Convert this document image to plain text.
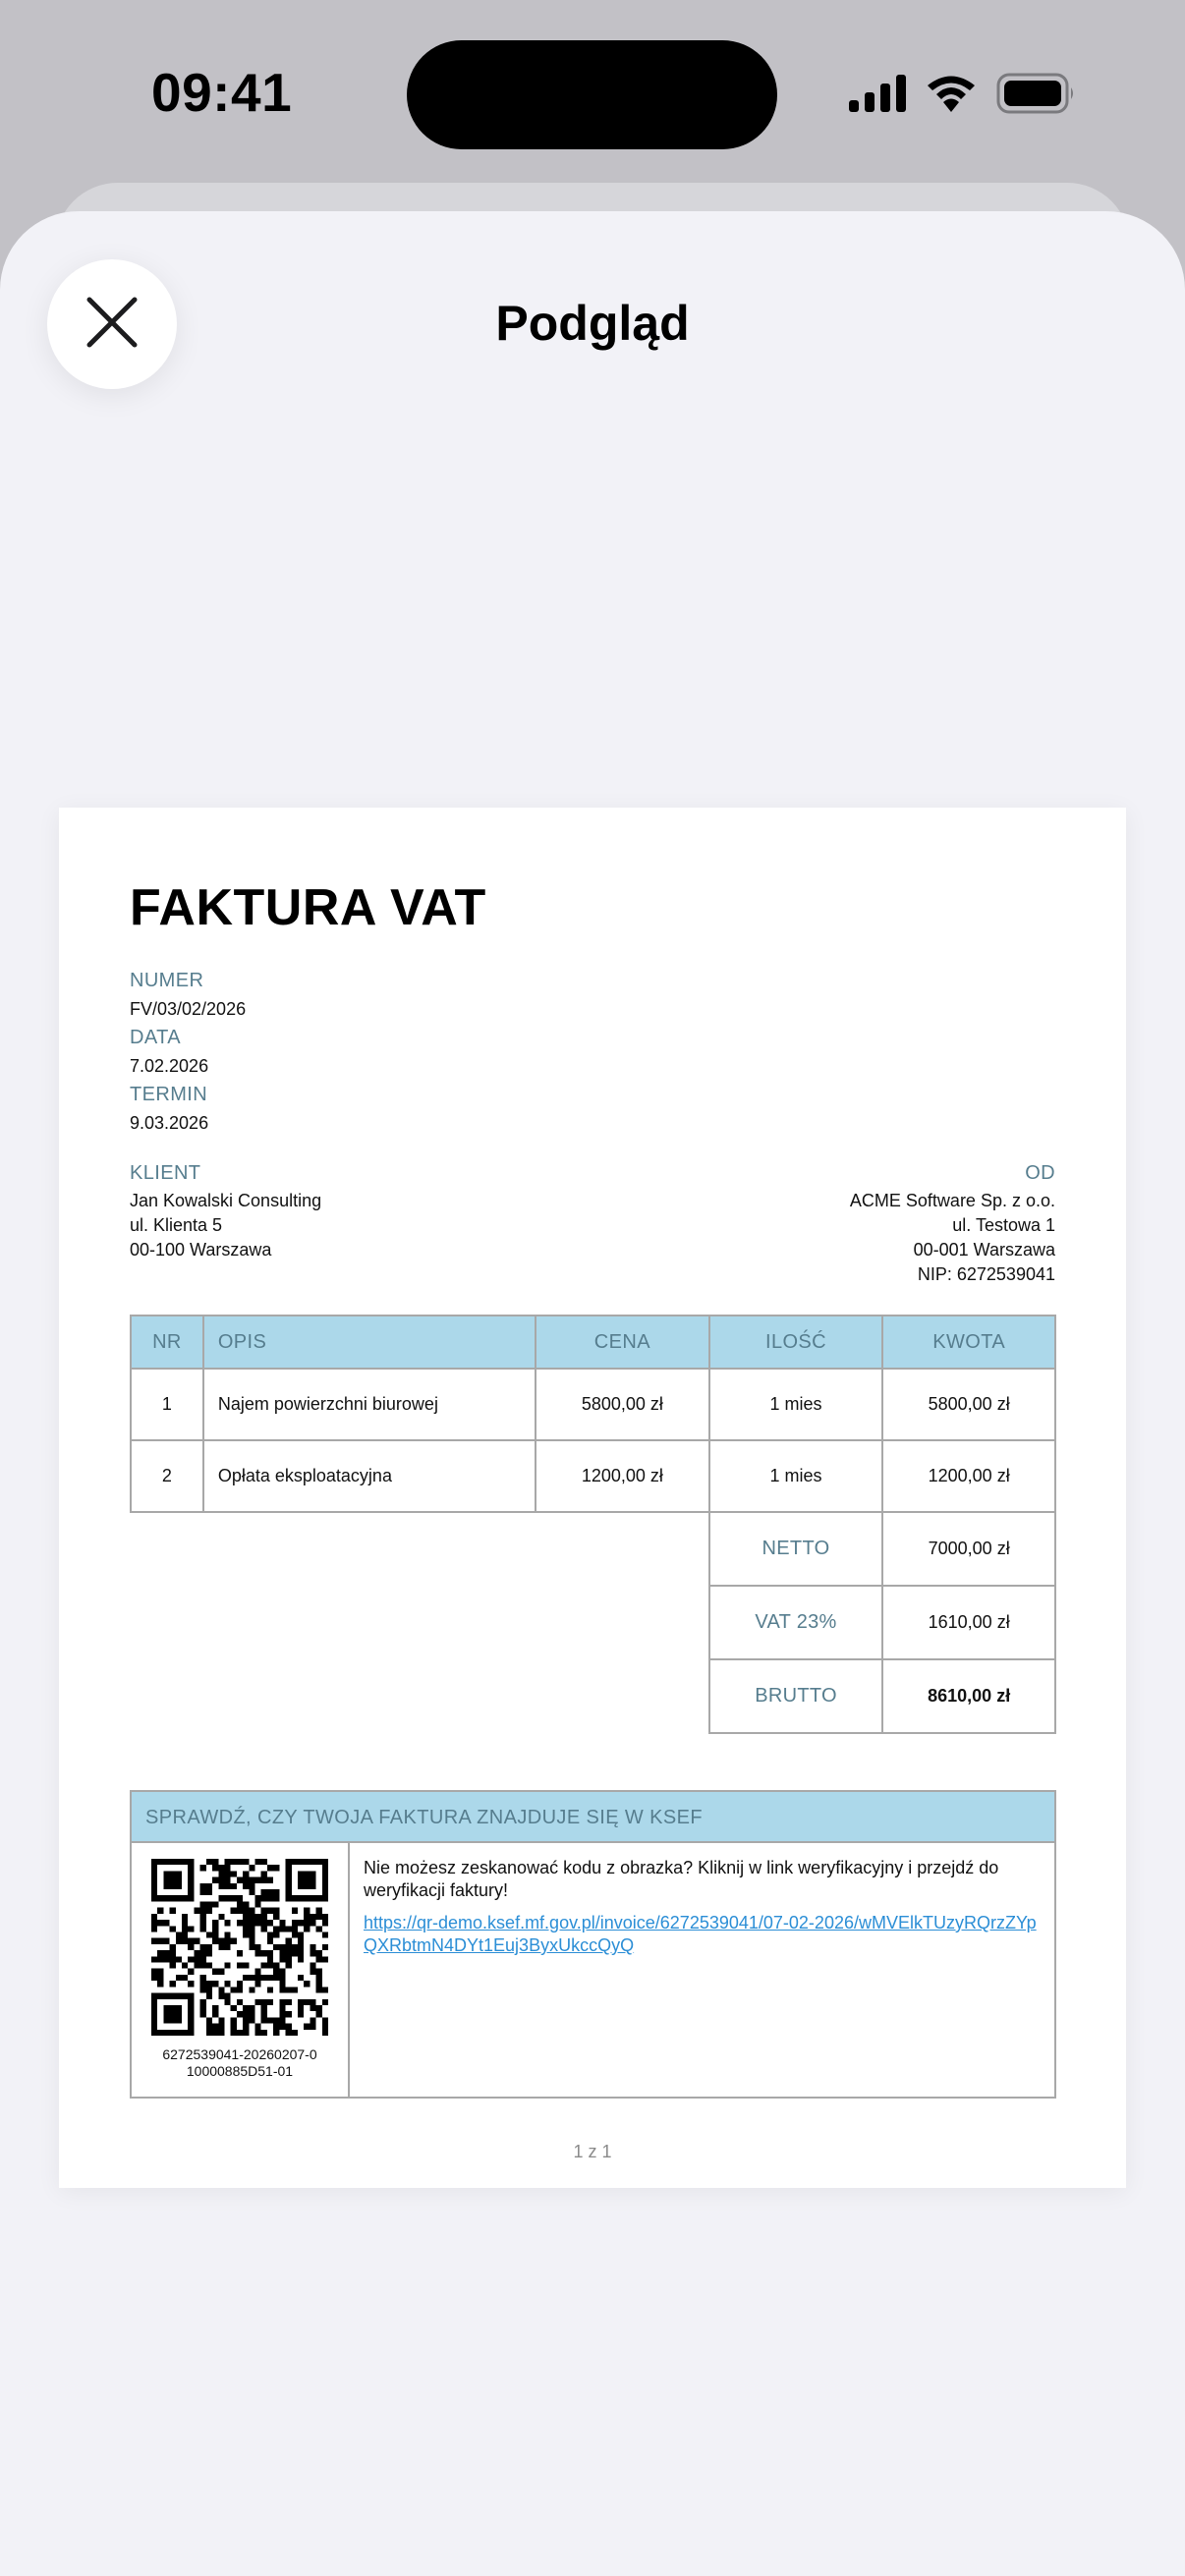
09:41
Podgląd
FAKTURA VAT
NUMER
FV/03/02/2026
DATA
7.02.2026
TERMIN
9.03.2026
KLIENT
Jan Kowalski Consulting
ul. Klienta 5
00-100 Warszawa
OD
ACME Software Sp. z o.o.
ul. Testowa 1
00-001 Warszawa
NIP: 6272539041
NR	OPIS	CENA	ILOŚĆ	KWOTA
1	Najem powierzchni biurowej	5800,00 zł	1 mies	5800,00 zł
2	Opłata eksploatacyjna	1200,00 zł	1 mies	1200,00 zł
			NETTO	7000,00 zł
			VAT 23%	1610,00 zł
			BRUTTO	8610,00 zł
SPRAWDŹ, CZY TWOJA FAKTURA ZNAJDUJE SIĘ W KSEF
6272539041-20260207-0
10000885D51-01
Nie możesz zeskanować kodu z obrazka? Kliknij w link weryfikacyjny i przejdź do weryfikacji faktury!
https://qr-demo.ksef.mf.gov.pl/invoice/6272539041/07-02-2026/wMVElkTUzyRQrzZYpQXRbtmN4DYt1Euj3ByxUkccQyQ
1 z 1
